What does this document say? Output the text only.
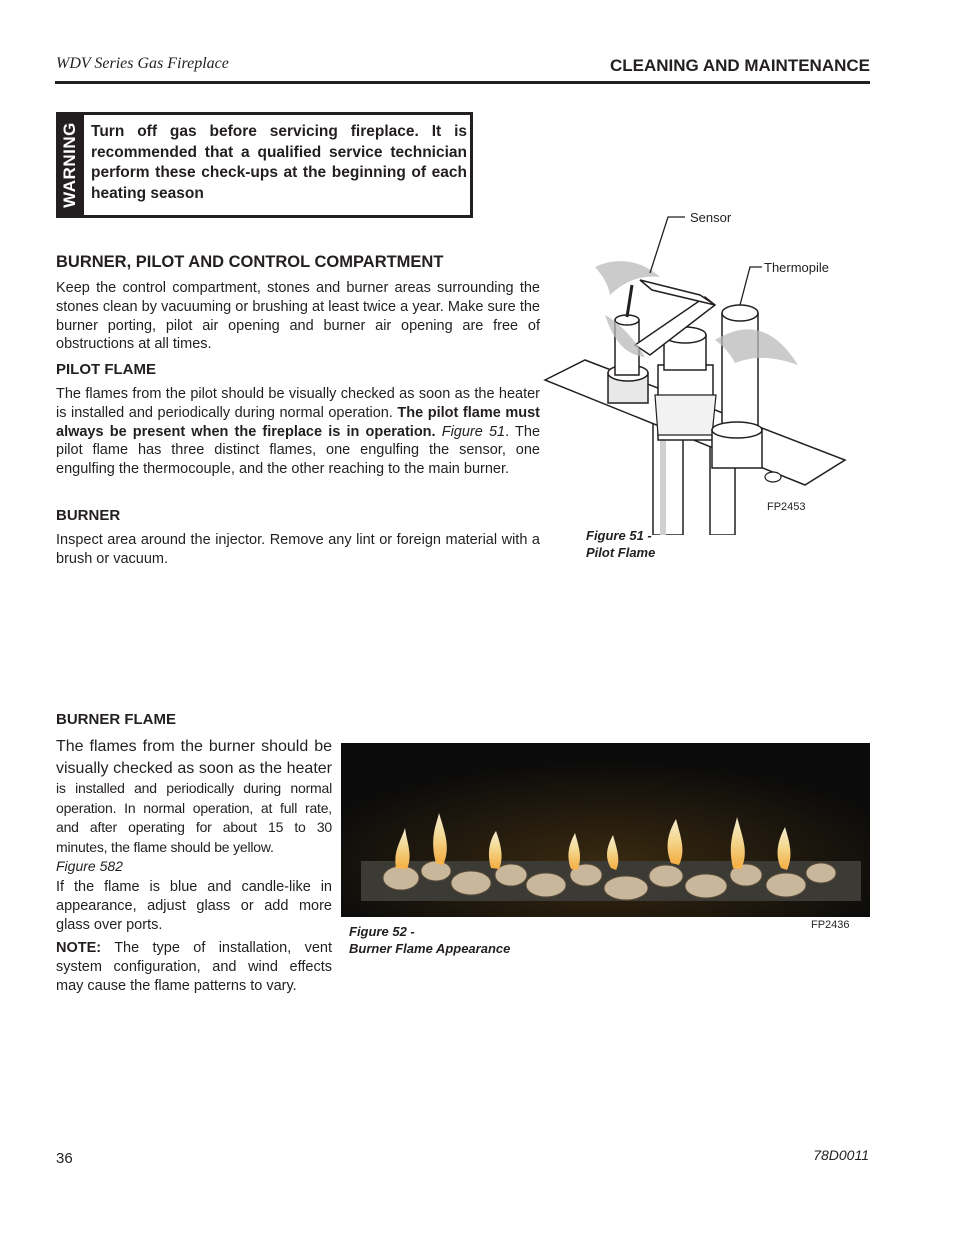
WDV Series Gas Fireplace	CLEANING AND MAINTENANCE
WARNING Turn off gas before servicing fireplace. It is recommended that a qualified service technician perform these check-ups at the beginning of each heating season
BURNER, PILOT AND CONTROL COMPARTMENT

Keep the control compartment, stones and burner areas surrounding the stones clean by vacuuming or brushing at least twice a year. Make sure the burner porting, pilot air opening and burner air opening are free of obstructions at all times.

PILOT FLAME

The flames from the pilot should be visually checked as soon as the heater is installed and periodically during normal operation. The pilot flame must always be present when the fireplace is in operation. Figure 51. The pilot flame has three distinct flames, one engulfing the sensor, one engulfing the thermocouple, and the other reaching to the main burner.

BURNER

Inspect area around the injector. Remove any lint or foreign material with a brush or vacuum.

Sensor
Thermopile
FP2453
Figure 51 -
Pilot Flame
BURNER FLAME

The flames from the burner should be visually checked as soon as the heater is installed and periodically during normal operation. In normal operation, at full rate, and after operating for about 15 to 30 minutes, the flame should be yellow.
Figure 582

If the flame is blue and candle-like in appearance, adjust glass or add more glass over ports.

NOTE: The type of installation, vent system configuration, and wind effects may cause the flame patterns to vary.

FP2436
Figure 52 -
Burner Flame Appearance
36	78D0011
